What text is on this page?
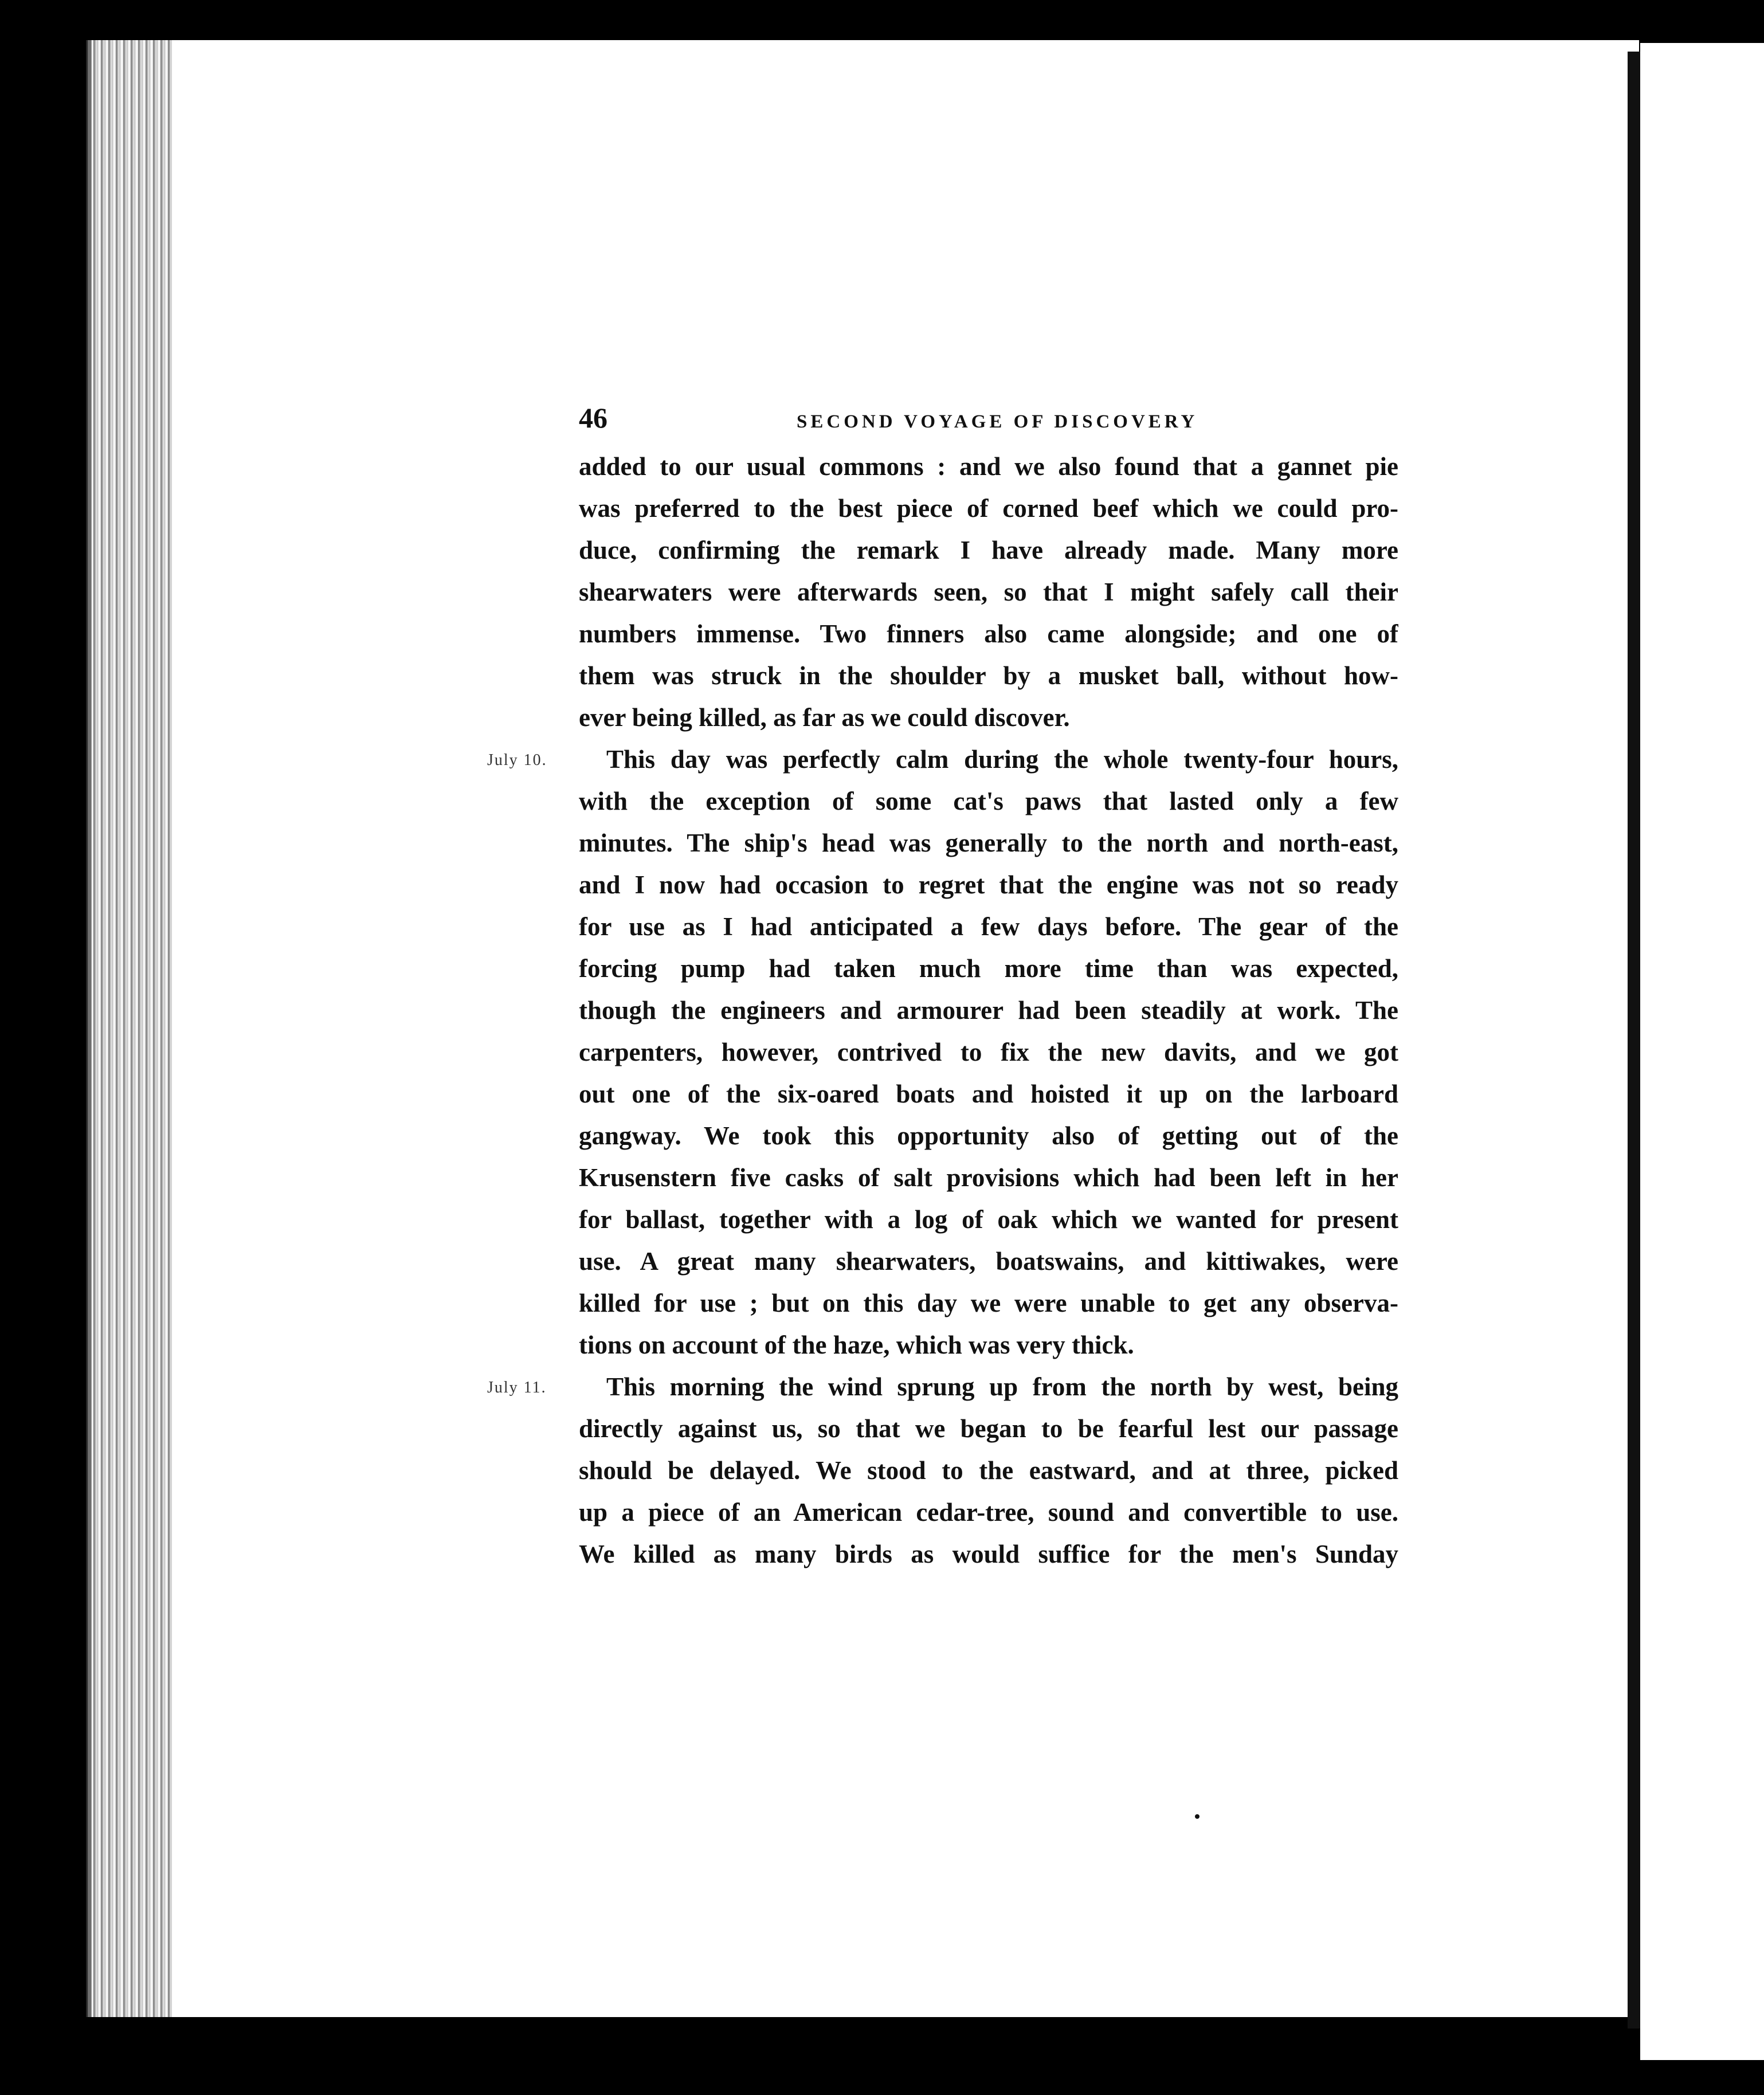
46	SECOND VOYAGE OF DISCOVERY
added to our usual commons : and we also found that a gannet pie
was preferred to the best piece of corned beef which we could pro-
duce, confirming the remark I have already made. Many more
shearwaters were afterwards seen, so that I might safely call their
numbers immense. Two finners also came alongside; and one of
them was struck in the shoulder by a musket ball, without how-
ever being killed, as far as we could discover.
July 10.	This day was perfectly calm during the whole twenty-four hours,
with the exception of some cat's paws that lasted only a few
minutes. The ship's head was generally to the north and north-east,
and I now had occasion to regret that the engine was not so ready
for use as I had anticipated a few days before. The gear of the
forcing pump had taken much more time than was expected,
though the engineers and armourer had been steadily at work. The
carpenters, however, contrived to fix the new davits, and we got
out one of the six-oared boats and hoisted it up on the larboard
gangway. We took this opportunity also of getting out of the
Krusenstern five casks of salt provisions which had been left in her
for ballast, together with a log of oak which we wanted for present
use. A great many shearwaters, boatswains, and kittiwakes, were
killed for use ; but on this day we were unable to get any observa-
tions on account of the haze, which was very thick.
July 11.	This morning the wind sprung up from the north by west, being
directly against us, so that we began to be fearful lest our passage
should be delayed. We stood to the eastward, and at three, picked
up a piece of an American cedar-tree, sound and convertible to use.
We killed as many birds as would suffice for the men's Sunday
